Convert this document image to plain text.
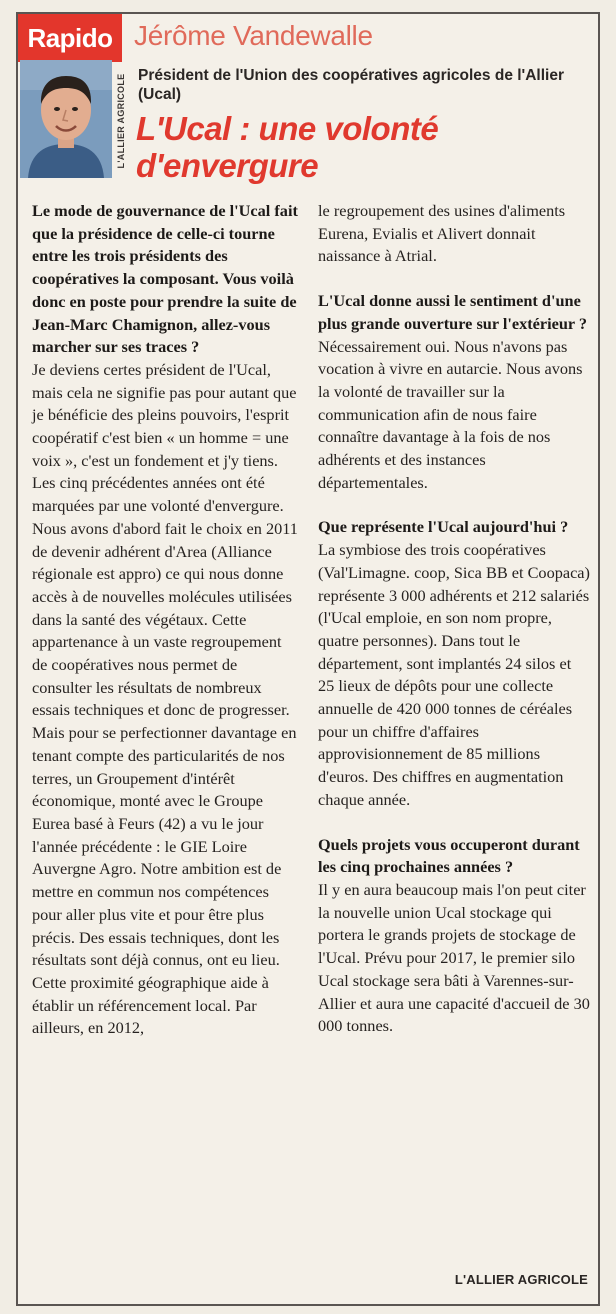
Rapido Jérôme Vandewalle
L'ALLIER AGRICOLE Président de l'Union des coopératives agricoles de l'Allier (Ucal)
L'Ucal : une volonté d'envergure

Le mode de gouvernance de l'Ucal fait que la présidence de celle-ci tourne entre les trois présidents des coopératives la composant. Vous voilà donc en poste pour prendre la suite de Jean-Marc Chamignon, allez-vous marcher sur ses traces ?

Je deviens certes président de l'Ucal, mais cela ne signifie pas pour autant que je bénéficie des pleins pouvoirs, l'esprit coopératif c'est bien « un homme = une voix », c'est un fondement et j'y tiens.

Les cinq précédentes années ont été marquées par une volonté d'envergure. Nous avons d'abord fait le choix en 2011 de devenir adhérent d'Area (Alliance régionale est appro) ce qui nous donne accès à de nouvelles molécules utilisées dans la santé des végétaux. Cette appartenance à un vaste regroupement de coopératives nous permet de consulter les résultats de nombreux essais techniques et donc de progresser.

Mais pour se perfectionner davantage en tenant compte des particularités de nos terres, un Groupement d'intérêt économique, monté avec le Groupe Eurea basé à Feurs (42) a vu le jour l'année précédente : le GIE Loire Auvergne Agro. Notre ambition est de mettre en commun nos compétences pour aller plus vite et pour être plus précis. Des essais techniques, dont les résultats sont déjà connus, ont eu lieu. Cette proximité géographique aide à établir un référencement local. Par ailleurs, en 2012,

le regroupement des usines d'aliments Eurena, Evialis et Alivert donnait naissance à Atrial.

L'Ucal donne aussi le sentiment d'une plus grande ouverture sur l'extérieur ?

Nécessairement oui. Nous n'avons pas vocation à vivre en autarcie. Nous avons la volonté de travailler sur la communication afin de nous faire connaître davantage à la fois de nos adhérents et des instances départementales.

Que représente l'Ucal aujourd'hui ?

La symbiose des trois coopératives (Val'Limagne. coop, Sica BB et Coopaca) représente 3 000 adhérents et 212 salariés (l'Ucal emploie, en son nom propre, quatre personnes). Dans tout le département, sont implantés 24 silos et 25 lieux de dépôts pour une collecte annuelle de 420 000 tonnes de céréales pour un chiffre d'affaires approvisionnement de 85 millions d'euros. Des chiffres en augmentation chaque année.

Quels projets vous occuperont durant les cinq prochaines années ?

Il y en aura beaucoup mais l'on peut citer la nouvelle union Ucal stockage qui portera le grands projets de stockage de l'Ucal. Prévu pour 2017, le premier silo Ucal stockage sera bâti à Varennes-sur-Allier et aura une capacité d'accueil de 30 000 tonnes.

L'ALLIER AGRICOLE
